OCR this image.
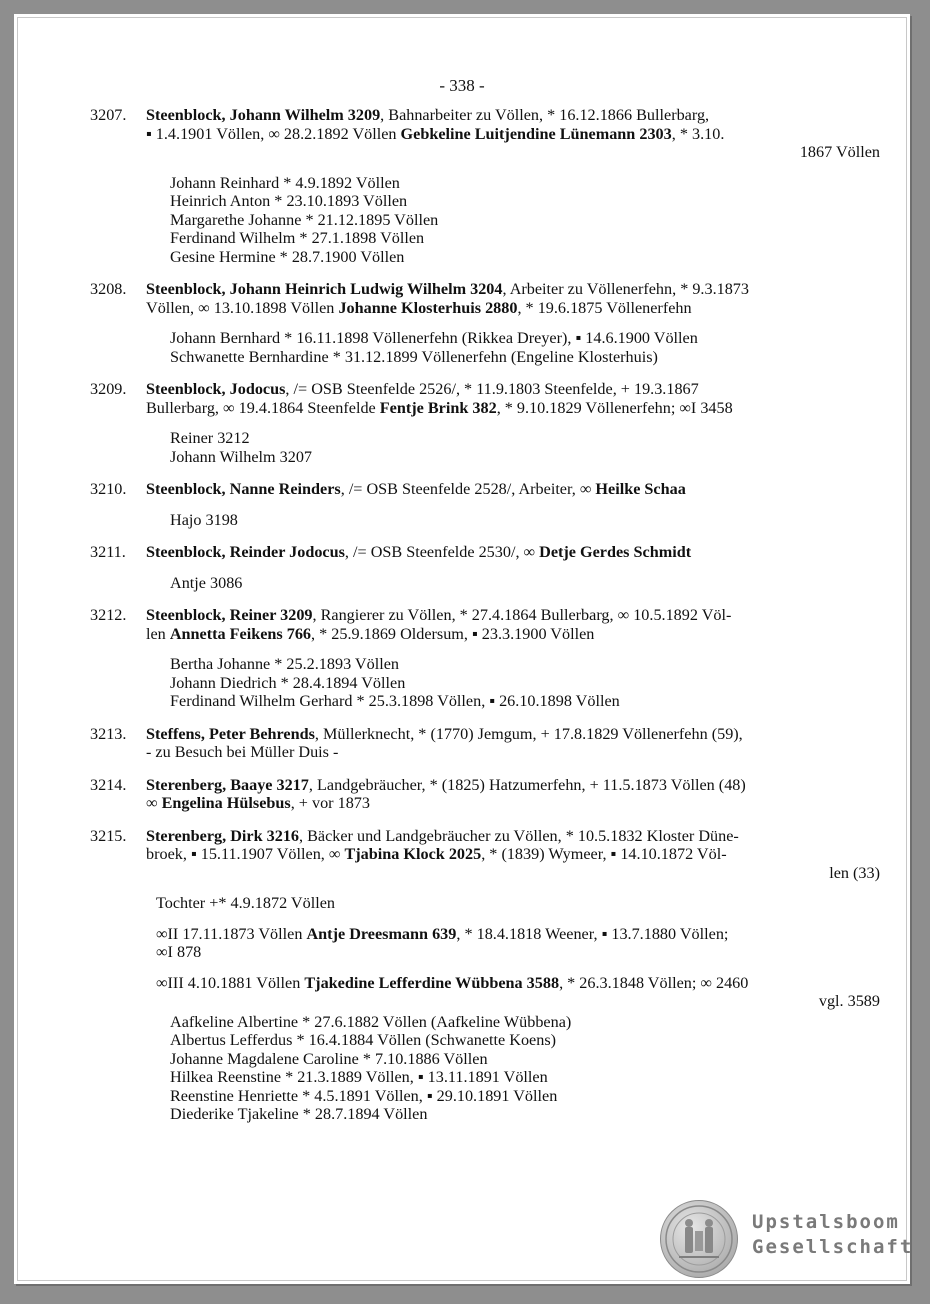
- 338 -
3207.	Steenblock, Johann Wilhelm 3209, Bahnarbeiter zu Völlen, * 16.12.1866 Bullerbarg,
▪ 1.4.1901 Völlen, ∞ 28.2.1892 Völlen Gebkeline Luitjendine Lünemann 2303, * 3.10.
1867 Völlen
Johann Reinhard * 4.9.1892 Völlen
Heinrich Anton * 23.10.1893 Völlen
Margarethe Johanne * 21.12.1895 Völlen
Ferdinand Wilhelm * 27.1.1898 Völlen
Gesine Hermine * 28.7.1900 Völlen
3208.	Steenblock, Johann Heinrich Ludwig Wilhelm 3204, Arbeiter zu Völlenerfehn, * 9.3.1873
Völlen, ∞ 13.10.1898 Völlen Johanne Klosterhuis 2880, * 19.6.1875 Völlenerfehn
Johann Bernhard * 16.11.1898 Völlenerfehn (Rikkea Dreyer), ▪ 14.6.1900 Völlen
Schwanette Bernhardine * 31.12.1899 Völlenerfehn (Engeline Klosterhuis)
3209.	Steenblock, Jodocus, /= OSB Steenfelde 2526/, * 11.9.1803 Steenfelde, + 19.3.1867
Bullerbarg, ∞ 19.4.1864 Steenfelde Fentje Brink 382, * 9.10.1829 Völlenerfehn; ∞I 3458
Reiner 3212
Johann Wilhelm 3207
3210.	Steenblock, Nanne Reinders, /= OSB Steenfelde 2528/, Arbeiter, ∞ Heilke Schaa
Hajo 3198
3211.	Steenblock, Reinder Jodocus, /= OSB Steenfelde 2530/, ∞ Detje Gerdes Schmidt
Antje 3086
3212.	Steenblock, Reiner 3209, Rangierer zu Völlen, * 27.4.1864 Bullerbarg, ∞ 10.5.1892 Völ-
len Annetta Feikens 766, * 25.9.1869 Oldersum, ▪ 23.3.1900 Völlen
Bertha Johanne * 25.2.1893 Völlen
Johann Diedrich * 28.4.1894 Völlen
Ferdinand Wilhelm Gerhard * 25.3.1898 Völlen, ▪ 26.10.1898 Völlen
3213.	Steffens, Peter Behrends, Müllerknecht, * (1770) Jemgum, + 17.8.1829 Völlenerfehn (59),
- zu Besuch bei Müller Duis -
3214.	Sterenberg, Baaye 3217, Landgebräucher, * (1825) Hatzumerfehn, + 11.5.1873 Völlen (48)
∞ Engelina Hülsebus, + vor 1873
3215.	Sterenberg, Dirk 3216, Bäcker und Landgebräucher zu Völlen, * 10.5.1832 Kloster Düne-
broek, ▪ 15.11.1907 Völlen, ∞ Tjabina Klock 2025, * (1839) Wymeer, ▪ 14.10.1872 Völ-
len (33)
Tochter +* 4.9.1872 Völlen
∞II 17.11.1873 Völlen Antje Dreesmann 639, * 18.4.1818 Weener, ▪ 13.7.1880 Völlen;
∞I 878
∞III 4.10.1881 Völlen Tjakedine Lefferdine Wübbena 3588, * 26.3.1848 Völlen; ∞ 2460
vgl. 3589
Aafkeline Albertine * 27.6.1882 Völlen (Aafkeline Wübbena)
Albertus Lefferdus * 16.4.1884 Völlen (Schwanette Koens)
Johanne Magdalene Caroline * 7.10.1886 Völlen
Hilkea Reenstine * 21.3.1889 Völlen, ▪ 13.11.1891 Völlen
Reenstine Henriette * 4.5.1891 Völlen, ▪ 29.10.1891 Völlen
Diederike Tjakeline * 28.7.1894 Völlen
Upstalsboom
Gesellschaft
